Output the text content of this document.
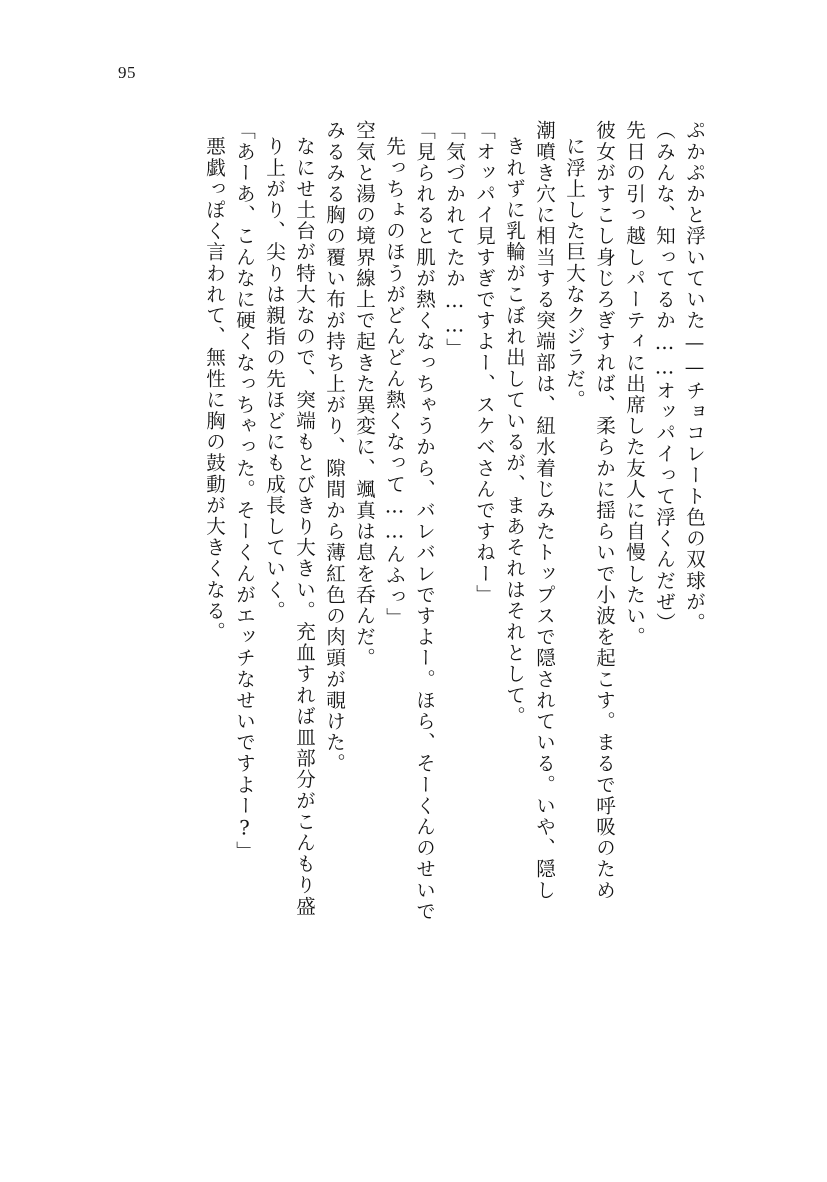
95
ぷかぷかと浮いていた——チョコレート色の双球が。
（みんな、知ってるか……オッパイって浮くんだぜ）
先日の引っ越しパーティに出席した友人に自慢したい。
彼女がすこし身じろぎすれば、柔らかに揺らいで小波を起こす。まるで呼吸のため
に浮上した巨大なクジラだ。
潮噴き穴に相当する突端部は、紐水着じみたトップスで隠されている。いや、隠し
きれずに乳輪がこぼれ出しているが、まあそれはそれとして。
「オッパイ見すぎですよー、スケベさんですねー」
「気づかれてたか……」
「見られると肌が熱くなっちゃうから、バレバレですよー。ほら、そーくんのせいで
先っちょのほうがどんどん熱くなって……んふっ」
空気と湯の境界線上で起きた異変に、颯真は息を呑んだ。
みるみる胸の覆い布が持ち上がり、隙間から薄紅色の肉頭が覗けた。
なにせ土台が特大なので、突端もとびきり大きい。充血すれば皿部分がこんもり盛
り上がり、尖りは親指の先ほどにも成長していく。
「あーあ、こんなに硬くなっちゃった。そーくんがエッチなせいですよー?」
悪戯っぽく言われて、無性に胸の鼓動が大きくなる。
